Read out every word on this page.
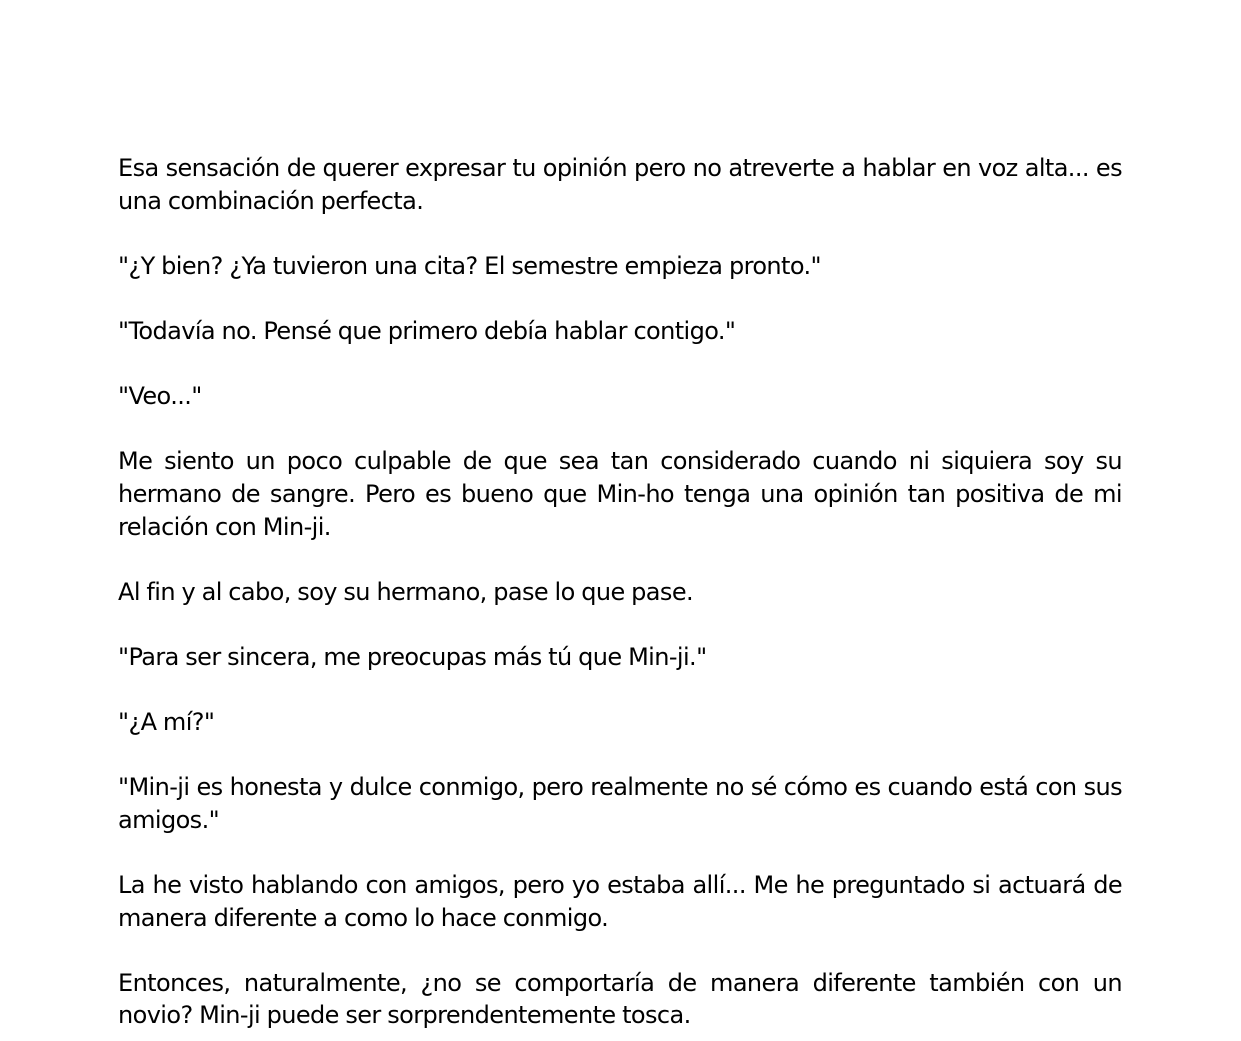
Esa sensación de querer expresar tu opinión pero no atreverte a hablar en voz alta... es una combinación perfecta.

"¿Y bien? ¿Ya tuvieron una cita? El semestre empieza pronto."

"Todavía no. Pensé que primero debía hablar contigo."

"Veo..."

Me siento un poco culpable de que sea tan considerado cuando ni siquiera soy su hermano de sangre. Pero es bueno que Min-ho tenga una opinión tan positiva de mi relación con Min-ji.

Al fin y al cabo, soy su hermano, pase lo que pase.

"Para ser sincera, me preocupas más tú que Min-ji."

"¿A mí?"

"Min-ji es honesta y dulce conmigo, pero realmente no sé cómo es cuando está con sus amigos."

La he visto hablando con amigos, pero yo estaba allí... Me he preguntado si actuará de manera diferente a como lo hace conmigo.

Entonces, naturalmente, ¿no se comportaría de manera diferente también con un novio? Min-ji puede ser sorprendentemente tosca.
